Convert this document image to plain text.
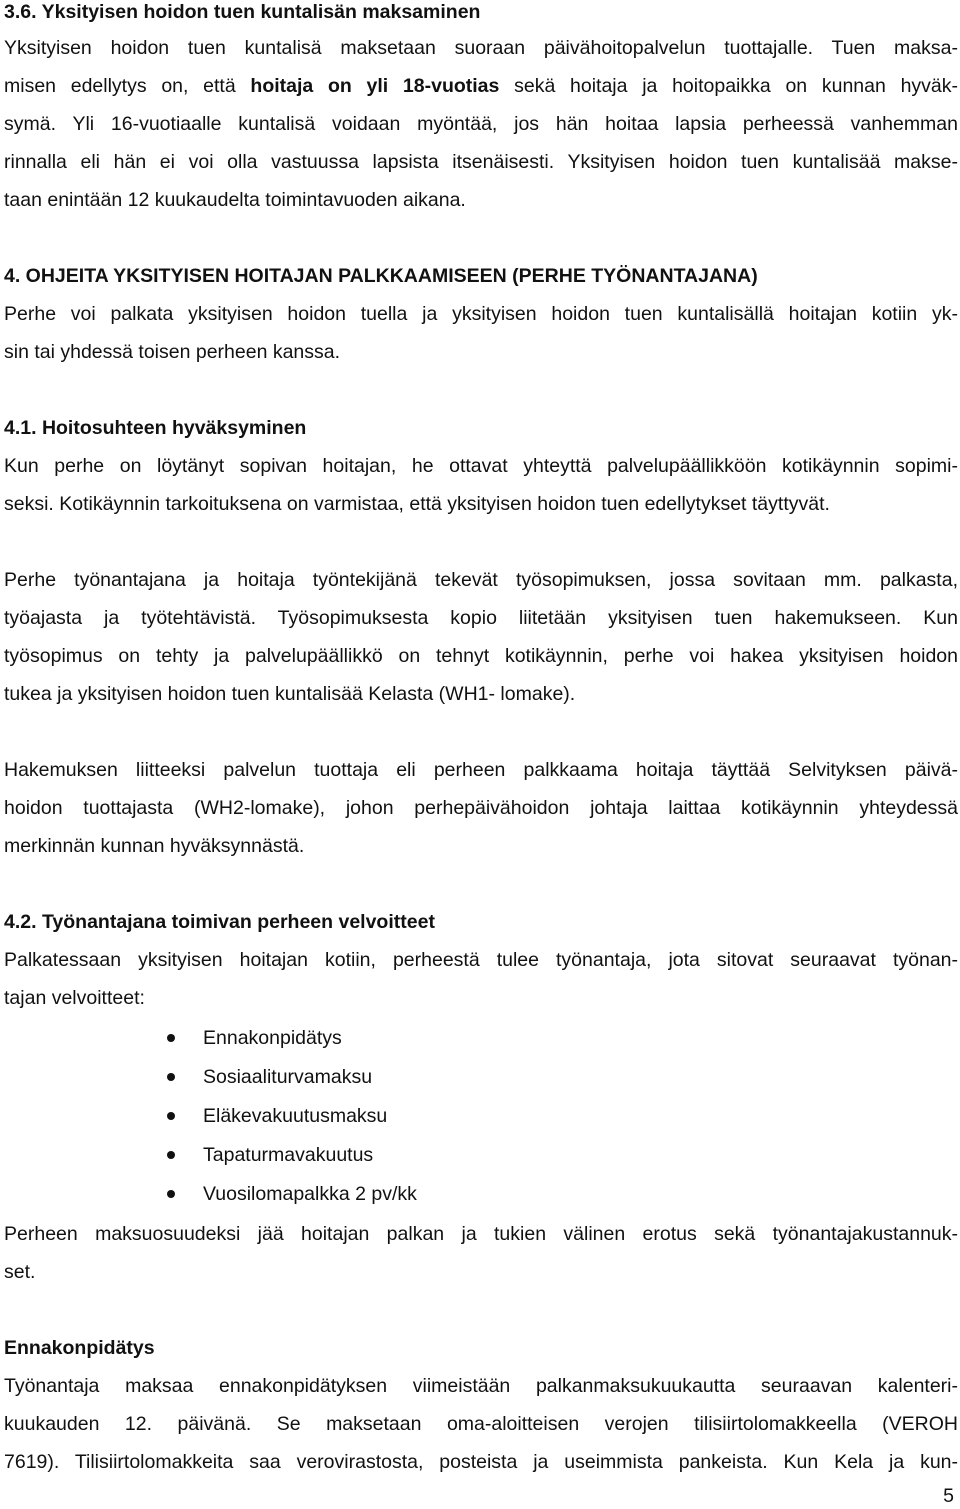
3.6. Yksityisen hoidon tuen kuntalisän maksaminen
Yksityisen hoidon tuen kuntalisä maksetaan suoraan päivähoitopalvelun tuottajalle. Tuen maksa-
misen edellytys on, että hoitaja on yli 18-vuotias sekä hoitaja ja hoitopaikka on kunnan hyväk-
symä. Yli 16-vuotiaalle kuntalisä voidaan myöntää, jos hän hoitaa lapsia perheessä vanhemman
rinnalla eli hän ei voi olla vastuussa lapsista itsenäisesti. Yksityisen hoidon tuen kuntalisää makse-
taan enintään 12 kuukaudelta toimintavuoden aikana.
4. OHJEITA YKSITYISEN HOITAJAN PALKKAAMISEEN (PERHE TYÖNANTAJANA)
Perhe voi palkata yksityisen hoidon tuella ja yksityisen hoidon tuen kuntalisällä hoitajan kotiin yk-
sin tai yhdessä toisen perheen kanssa.
4.1. Hoitosuhteen hyväksyminen
Kun perhe on löytänyt sopivan hoitajan, he ottavat yhteyttä palvelupäällikköön kotikäynnin sopimi-
seksi. Kotikäynnin tarkoituksena on varmistaa, että yksityisen hoidon tuen edellytykset täyttyvät.
Perhe työnantajana ja hoitaja työntekijänä tekevät työsopimuksen, jossa sovitaan mm. palkasta,
työajasta ja työtehtävistä. Työsopimuksesta kopio liitetään yksityisen tuen hakemukseen. Kun
työsopimus on tehty ja palvelupäällikkö on tehnyt kotikäynnin, perhe voi hakea yksityisen hoidon
tukea ja yksityisen hoidon tuen kuntalisää Kelasta (WH1- lomake).
Hakemuksen liitteeksi palvelun tuottaja eli perheen palkkaama hoitaja täyttää Selvityksen päivä-
hoidon tuottajasta (WH2-lomake), johon perhepäivähoidon johtaja laittaa kotikäynnin yhteydessä
merkinnän kunnan hyväksynnästä.
4.2. Työnantajana toimivan perheen velvoitteet
Palkatessaan yksityisen hoitajan kotiin, perheestä tulee työnantaja, jota sitovat seuraavat työnan-
tajan velvoitteet:
Ennakonpidätys
Sosiaaliturvamaksu
Eläkevakuutusmaksu
Tapaturmavakuutus
Vuosilomapalkka 2 pv/kk
Perheen maksuosuudeksi jää hoitajan palkan ja tukien välinen erotus sekä työnantajakustannuk-
set.
Ennakonpidätys
Työnantaja maksaa ennakonpidätyksen viimeistään palkanmaksukuukautta seuraavan kalenteri-
kuukauden 12. päivänä. Se maksetaan oma-aloitteisen verojen tilisiirtolomakkeella (VEROH
7619). Tilisiirtolomakkeita saa verovirastosta, posteista ja useimmista pankeista. Kun Kela ja kun-
5
